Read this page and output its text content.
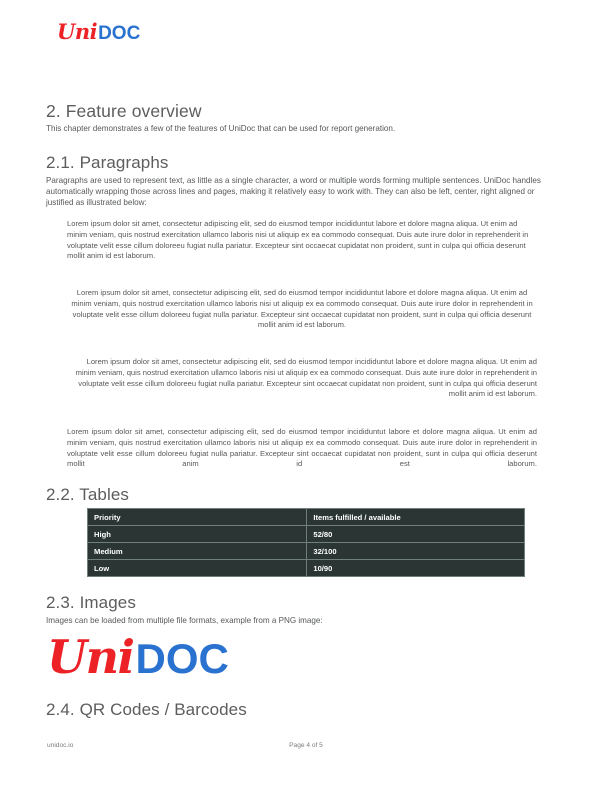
Uni DOC
2. Feature overview

This chapter demonstrates a few of the features of UniDoc that can be used for report generation.

2.1. Paragraphs

Paragraphs are used to represent text, as little as a single character, a word or multiple words forming multiple sentences. UniDoc handles automatically wrapping those across lines and pages, making it relatively easy to work with. They can also be left, center, right aligned or justified as illustrated below:

Lorem ipsum dolor sit amet, consectetur adipiscing elit, sed do eiusmod tempor incididuntut labore et dolore magna aliqua. Ut enim ad minim veniam, quis nostrud exercitation ullamco laboris nisi ut aliquip ex ea commodo consequat. Duis aute irure dolor in reprehenderit in voluptate velit esse cillum doloreeu fugiat nulla pariatur. Excepteur sint occaecat cupidatat non proident, sunt in culpa qui officia deserunt mollit anim id est laborum.

Lorem ipsum dolor sit amet, consectetur adipiscing elit, sed do eiusmod tempor incididuntut labore et dolore magna aliqua. Ut enim ad minim veniam, quis nostrud exercitation ullamco laboris nisi ut aliquip ex ea commodo consequat. Duis aute irure dolor in reprehenderit in voluptate velit esse cillum doloreeu fugiat nulla pariatur. Excepteur sint occaecat cupidatat non proident, sunt in culpa qui officia deserunt mollit anim id est laborum.

Lorem ipsum dolor sit amet, consectetur adipiscing elit, sed do eiusmod tempor incididuntut labore et dolore magna aliqua. Ut enim ad minim veniam, quis nostrud exercitation ullamco laboris nisi ut aliquip ex ea commodo consequat. Duis aute irure dolor in reprehenderit in voluptate velit esse cillum doloreeu fugiat nulla pariatur. Excepteur sint occaecat cupidatat non proident, sunt in culpa qui officia deserunt mollit anim id est laborum.

Lorem ipsum dolor sit amet, consectetur adipiscing elit, sed do eiusmod tempor incididuntut labore et dolore magna aliqua. Ut enim ad minim veniam, quis nostrud exercitation ullamco laboris nisi ut aliquip ex ea commodo consequat. Duis aute irure dolor in reprehenderit in voluptate velit esse cillum doloreeu fugiat nulla pariatur. Excepteur sint occaecat cupidatat non proident, sunt in culpa qui officia deserunt mollit anim id est laborum.

2.2. Tables
Priority	Items fulfilled / available
High	52/80
Medium	32/100
Low	10/90
2.3. Images

Images can be loaded from multiple file formats, example from a PNG image:

Uni DOC
2.4. QR Codes / Barcodes
unidoc.io	Page 4 of 5
